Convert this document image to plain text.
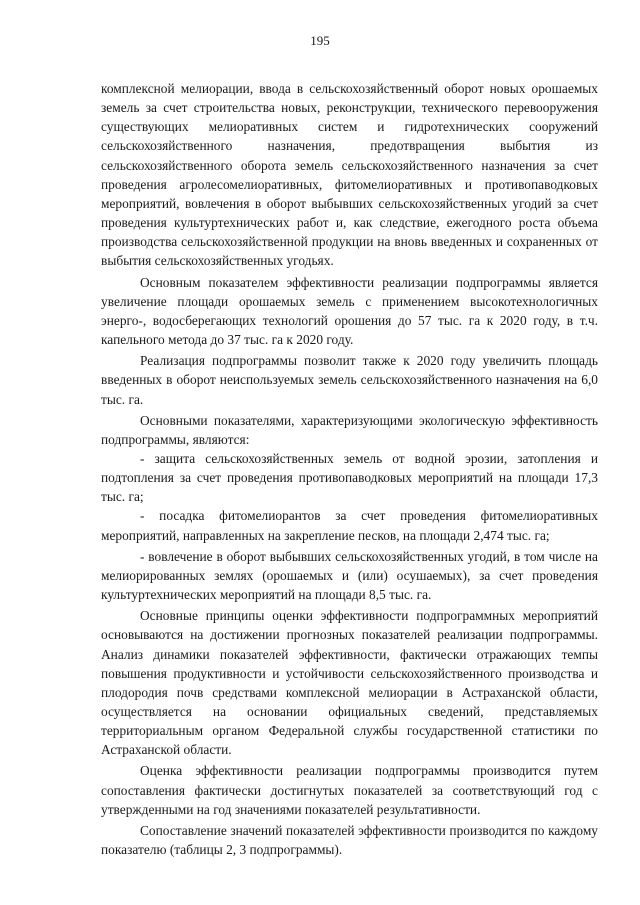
195

комплексной мелиорации, ввода в сельскохозяйственный оборот новых орошаемых земель за счет строительства новых, реконструкции, технического перевооружения существующих мелиоративных систем и гидротехнических сооружений сельскохозяйственного назначения, предотвращения выбытия из сельскохозяйственного оборота земель сельскохозяйственного назначения за счет проведения агролесомелиоративных, фитомелиоративных и противопаводковых мероприятий, вовлечения в оборот выбывших сельскохозяйственных угодий за счет проведения культуртехнических работ и, как следствие, ежегодного роста объема производства сельскохозяйственной продукции на вновь введенных и сохраненных от выбытия сельскохозяйственных угодьях.

Основным показателем эффективности реализации подпрограммы является увеличение площади орошаемых земель с применением высокотехнологичных энерго-, водосберегающих технологий орошения до 57 тыс. га к 2020 году, в т.ч. капельного метода до 37 тыс. га к 2020 году.

Реализация подпрограммы позволит также к 2020 году увеличить площадь введенных в оборот неиспользуемых земель сельскохозяйственного назначения на 6,0 тыс. га.

Основными показателями, характеризующими экологическую эффективность подпрограммы, являются:

- защита сельскохозяйственных земель от водной эрозии, затопления и подтопления за счет проведения противопаводковых мероприятий на площади 17,3 тыс. га;

- посадка фитомелиорантов за счет проведения фитомелиоративных мероприятий, направленных на закрепление песков, на площади 2,474 тыс. га;

- вовлечение в оборот выбывших сельскохозяйственных угодий, в том числе на мелиорированных землях (орошаемых и (или) осушаемых), за счет проведения культуртехнических мероприятий на площади 8,5 тыс. га.

Основные принципы оценки эффективности подпрограммных мероприятий основываются на достижении прогнозных показателей реализации подпрограммы. Анализ динамики показателей эффективности, фактически отражающих темпы повышения продуктивности и устойчивости сельскохозяйственного производства и плодородия почв средствами комплексной мелиорации в Астраханской области, осуществляется на основании официальных сведений, представляемых территориальным органом Федеральной службы государственной статистики по Астраханской области.

Оценка эффективности реализации подпрограммы производится путем сопоставления фактически достигнутых показателей за соответствующий год с утвержденными на год значениями показателей результативности.

Сопоставление значений показателей эффективности производится по каждому показателю (таблицы 2, 3 подпрограммы).
